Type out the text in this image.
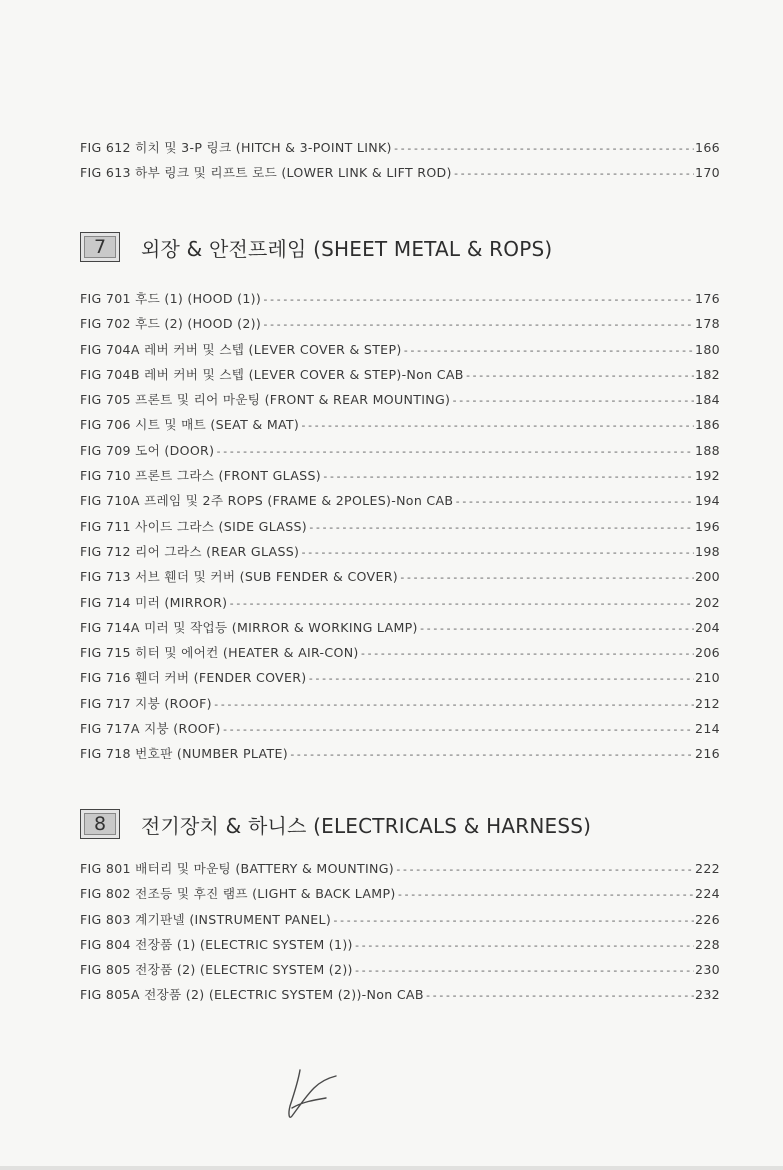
FIG 612 히치 및 3-P 링크 (HITCH & 3-POINT LINK) -----	166
FIG 613 하부 링크 및 리프트 로드 (LOWER LINK & LIFT ROD) -----	170
7	외장 & 안전프레임 (SHEET METAL & ROPS)
FIG 701 후드 (1) (HOOD (1)) -----	176
FIG 702 후드 (2) (HOOD (2)) -----	178
FIG 704A 레버 커버 및 스텝 (LEVER COVER & STEP) -----	180
FIG 704B 레버 커버 및 스텝 (LEVER COVER & STEP)-Non CAB -----	182
FIG 705 프론트 및 리어 마운팅 (FRONT & REAR MOUNTING) -----	184
FIG 706 시트 및 매트 (SEAT & MAT) -----	186
FIG 709 도어 (DOOR) -----	188
FIG 710 프론트 그라스 (FRONT GLASS) -----	192
FIG 710A 프레임 및 2주 ROPS (FRAME & 2POLES)-Non CAB -----	194
FIG 711 사이드 그라스 (SIDE GLASS) -----	196
FIG 712 리어 그라스 (REAR GLASS) -----	198
FIG 713 서브 휀더 및 커버 (SUB FENDER & COVER) -----	200
FIG 714 미러 (MIRROR) -----	202
FIG 714A 미러 및 작업등 (MIRROR & WORKING LAMP) -----	204
FIG 715 히터 및 에어컨 (HEATER & AIR-CON) -----	206
FIG 716 휀더 커버 (FENDER COVER) -----	210
FIG 717 지붕 (ROOF) -----	212
FIG 717A 지붕 (ROOF) -----	214
FIG 718 번호판 (NUMBER PLATE) -----	216
8	전기장치 & 하니스 (ELECTRICALS & HARNESS)
FIG 801 배터리 및 마운팅 (BATTERY & MOUNTING) -----	222
FIG 802 전조등 및 후진 램프 (LIGHT & BACK LAMP) -----	224
FIG 803 계기판넬 (INSTRUMENT PANEL) -----	226
FIG 804 전장품 (1) (ELECTRIC SYSTEM (1)) -----	228
FIG 805 전장품 (2) (ELECTRIC SYSTEM (2)) -----	230
FIG 805A 전장품 (2) (ELECTRIC SYSTEM (2))-Non CAB -----	232
